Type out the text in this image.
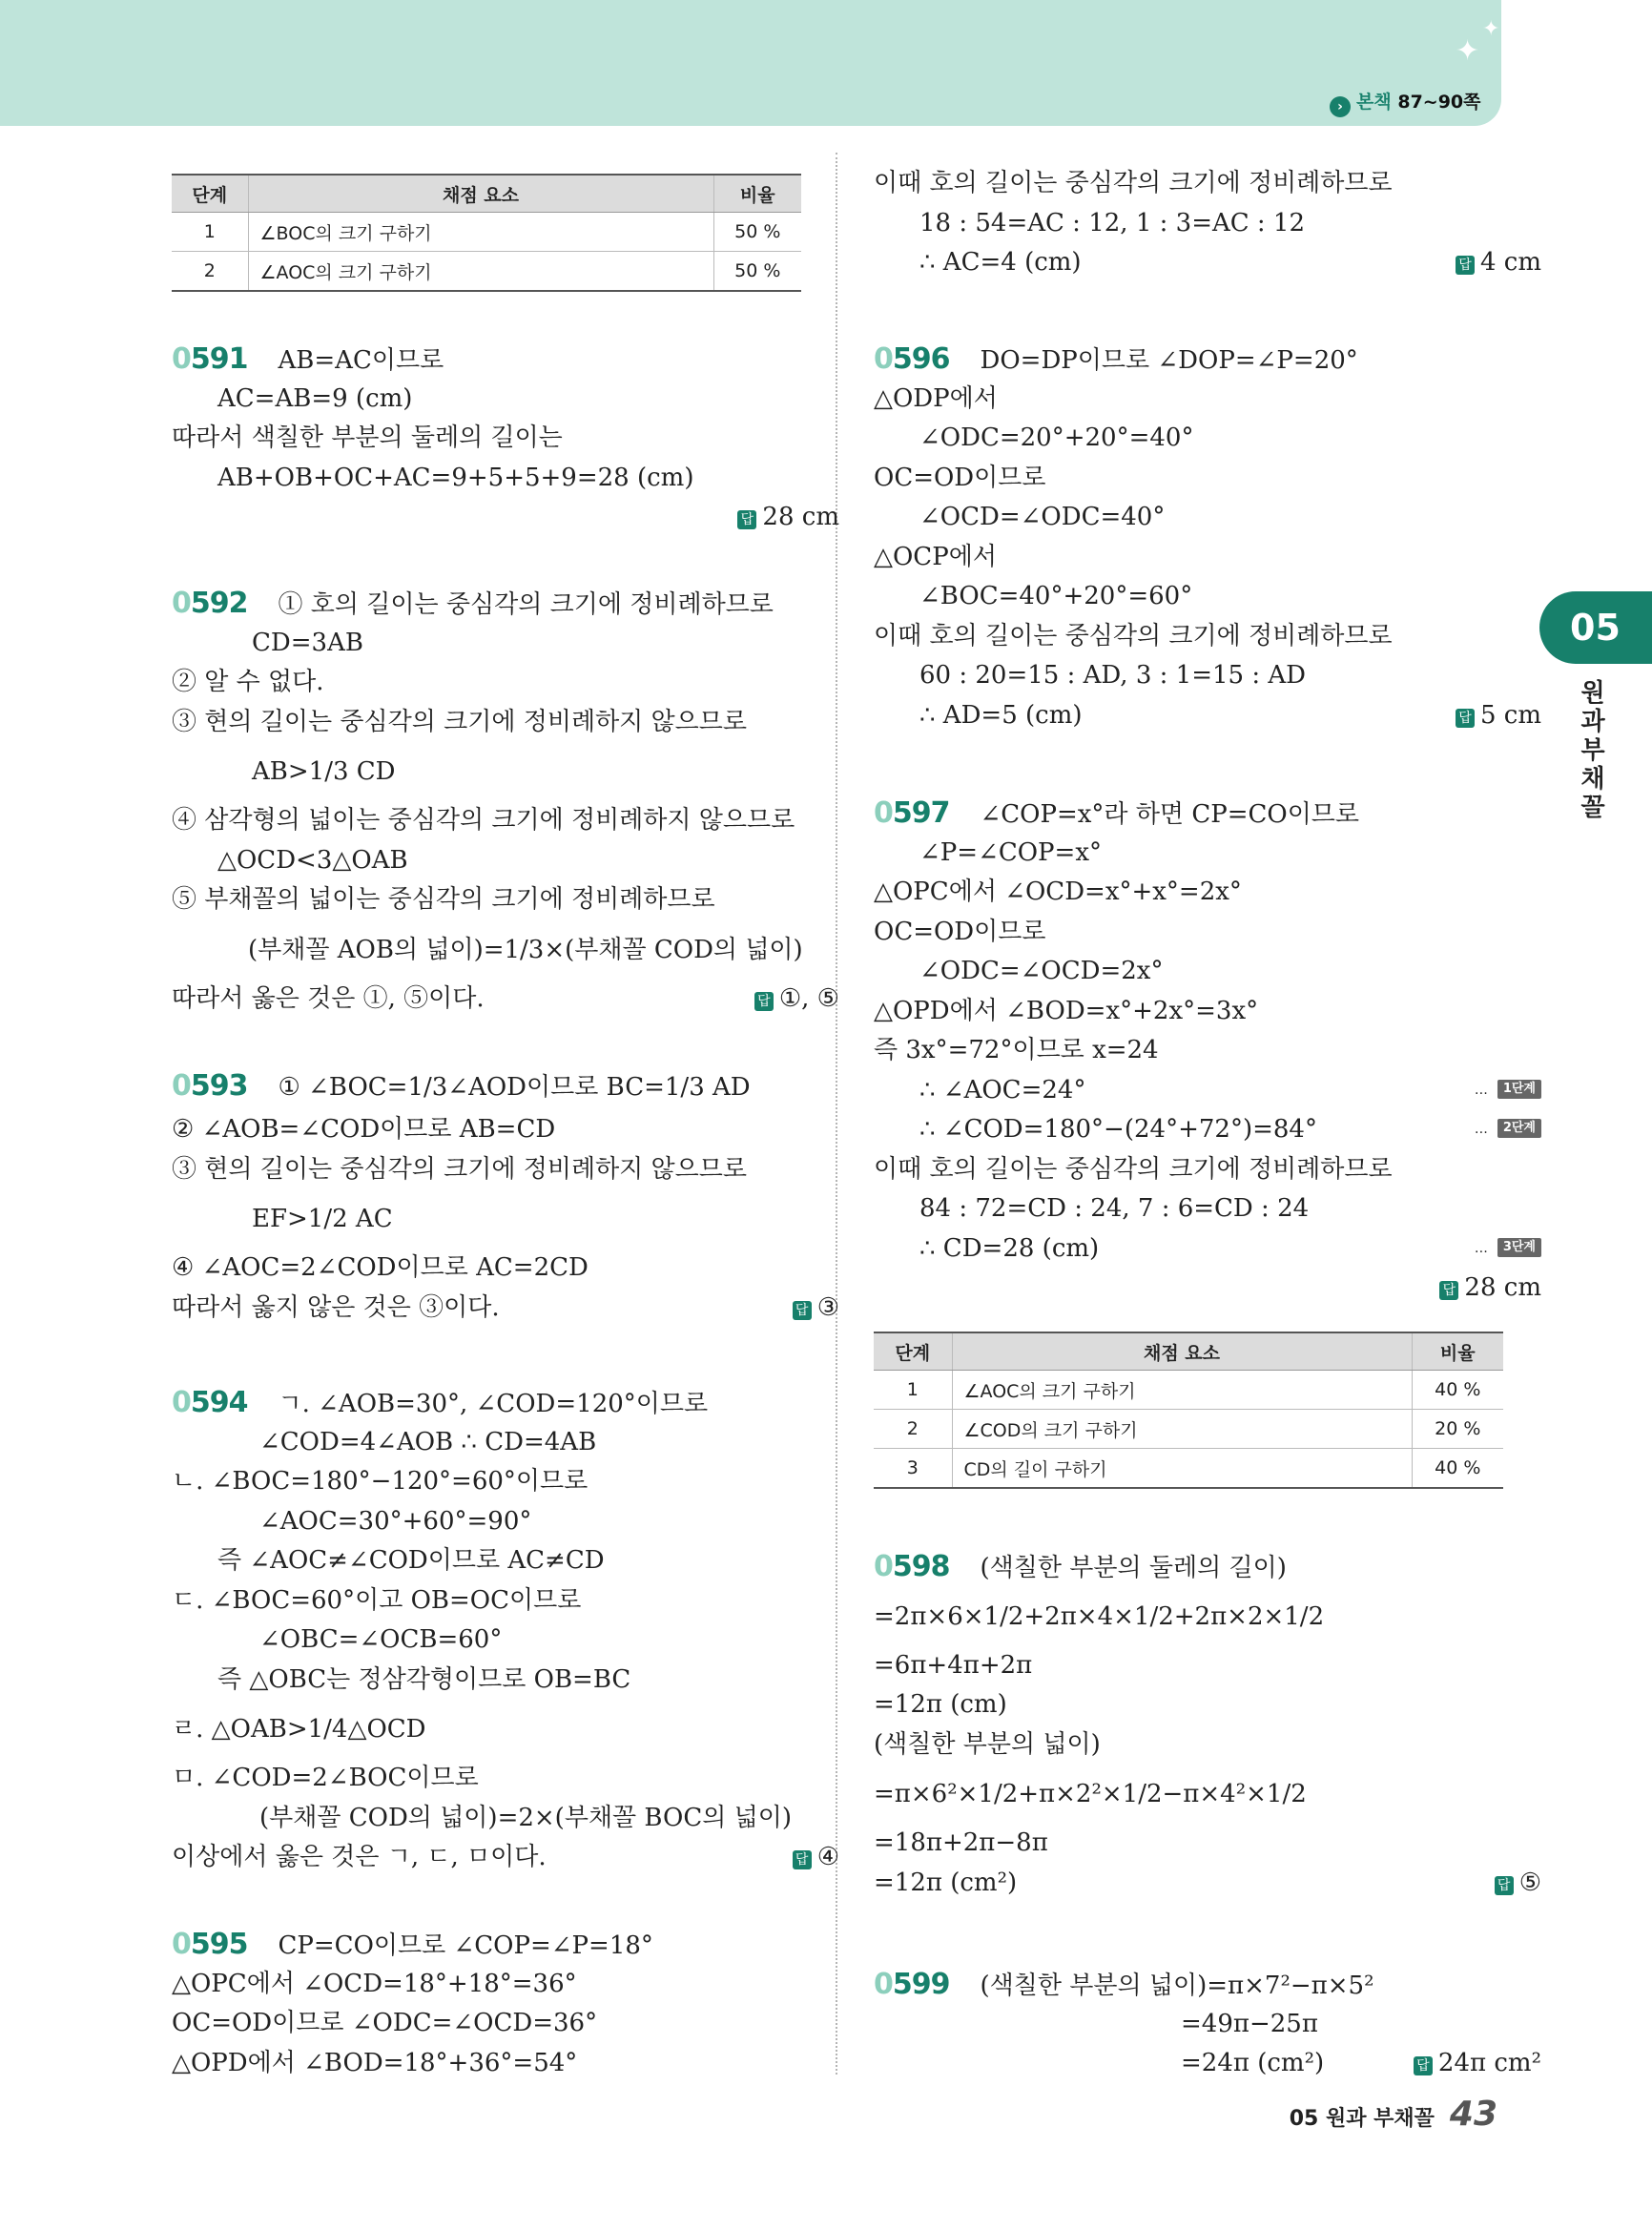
✦
✦
› 본책 87~90쪽
단계	채점 요소	비율
1	∠BOC의 크기 구하기	50 %
2	∠AOC의 크기 구하기	50 %
0591 AB=AC이므로
AC=AB=9 (cm)
따라서 색칠한 부분의 둘레의 길이는
AB+OB+OC+AC=9+5+5+9=28 (cm)
답 28 cm
0592 ① 호의 길이는 중심각의 크기에 정비례하므로
CD=3AB
② 알 수 없다.
③ 현의 길이는 중심각의 크기에 정비례하지 않으므로
AB>1/3 CD
④ 삼각형의 넓이는 중심각의 크기에 정비례하지 않으므로
△OCD<3△OAB
⑤ 부채꼴의 넓이는 중심각의 크기에 정비례하므로
(부채꼴 AOB의 넓이)=1/3×(부채꼴 COD의 넓이)
따라서 옳은 것은 ①, ⑤이다.	답 ①, ⑤
0593 ① ∠BOC=1/3∠AOD이므로 BC=1/3 AD
② ∠AOB=∠COD이므로 AB=CD
③ 현의 길이는 중심각의 크기에 정비례하지 않으므로
EF>1/2 AC
④ ∠AOC=2∠COD이므로 AC=2CD
따라서 옳지 않은 것은 ③이다.	답 ③
0594 ㄱ. ∠AOB=30°, ∠COD=120°이므로
∠COD=4∠AOB ∴ CD=4AB
ㄴ. ∠BOC=180°−120°=60°이므로
∠AOC=30°+60°=90°
즉 ∠AOC≠∠COD이므로 AC≠CD
ㄷ. ∠BOC=60°이고 OB=OC이므로
∠OBC=∠OCB=60°
즉 △OBC는 정삼각형이므로 OB=BC
ㄹ. △OAB>1/4△OCD
ㅁ. ∠COD=2∠BOC이므로
(부채꼴 COD의 넓이)=2×(부채꼴 BOC의 넓이)
이상에서 옳은 것은 ㄱ, ㄷ, ㅁ이다.	답 ④
0595 CP=CO이므로 ∠COP=∠P=18°
△OPC에서 ∠OCD=18°+18°=36°
OC=OD이므로 ∠ODC=∠OCD=36°
△OPD에서 ∠BOD=18°+36°=54°
이때 호의 길이는 중심각의 크기에 정비례하므로
18 : 54=AC : 12, 1 : 3=AC : 12
∴ AC=4 (cm)	답 4 cm
0596 DO=DP이므로 ∠DOP=∠P=20°
△ODP에서
∠ODC=20°+20°=40°
OC=OD이므로
∠OCD=∠ODC=40°
△OCP에서
∠BOC=40°+20°=60°
이때 호의 길이는 중심각의 크기에 정비례하므로
60 : 20=15 : AD, 3 : 1=15 : AD
∴ AD=5 (cm)	답 5 cm
0597 ∠COP=x°라 하면 CP=CO이므로
∠P=∠COP=x°
△OPC에서 ∠OCD=x°+x°=2x°
OC=OD이므로
∠ODC=∠OCD=2x°
△OPD에서 ∠BOD=x°+2x°=3x°
즉 3x°=72°이므로 x=24
∴ ∠AOC=24°	… 1단계
∴ ∠COD=180°−(24°+72°)=84°	… 2단계
이때 호의 길이는 중심각의 크기에 정비례하므로
84 : 72=CD : 24, 7 : 6=CD : 24
∴ CD=28 (cm)	… 3단계
답 28 cm
단계	채점 요소	비율
1	∠AOC의 크기 구하기	40 %
2	∠COD의 크기 구하기	20 %
3	CD의 길이 구하기	40 %
0598 (색칠한 부분의 둘레의 길이)
=2π×6×1/2+2π×4×1/2+2π×2×1/2
=6π+4π+2π
=12π (cm)
(색칠한 부분의 넓이)
=π×6²×1/2+π×2²×1/2−π×4²×1/2
=18π+2π−8π
=12π (cm²)	답 ⑤
0599 (색칠한 부분의 넓이)=π×7²−π×5²
=49π−25π
=24π (cm²)	답 24π cm²
05
원과 부채꼴
05 원과 부채꼴 43
